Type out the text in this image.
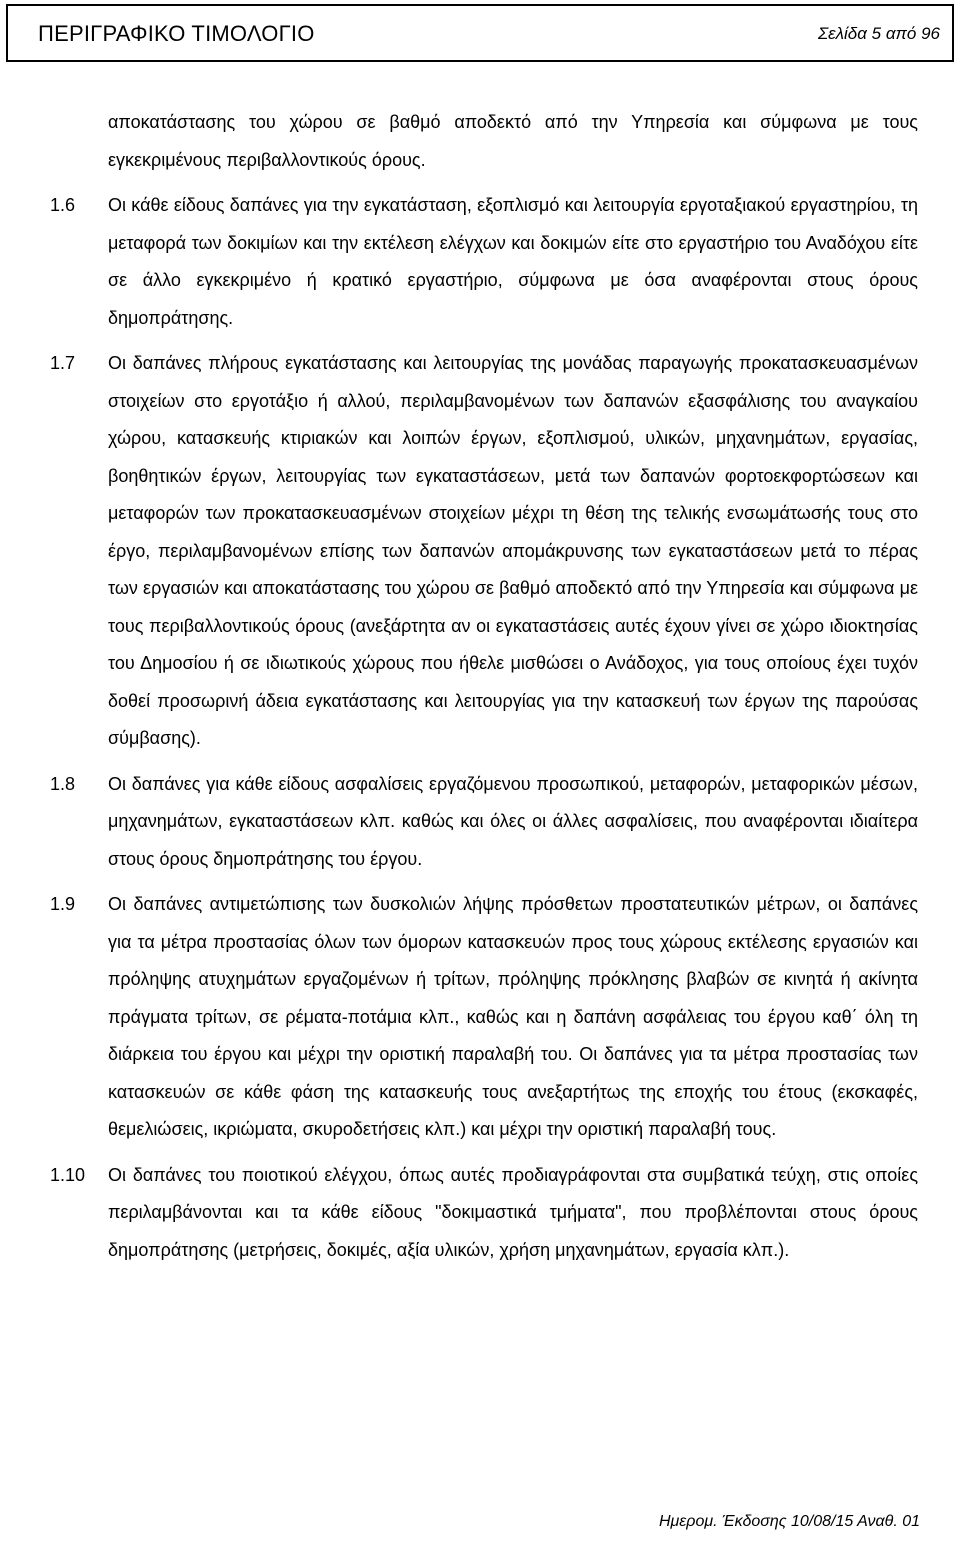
ΠΕΡΙΓΡΑΦΙΚΟ ΤΙΜΟΛΟΓΙΟ	Σελίδα 5 από 96
αποκατάστασης του χώρου σε βαθμό αποδεκτό από την Υπηρεσία και σύμφωνα με τους εγκεκριμένους περιβαλλοντικούς όρους.
1.6 Οι κάθε είδους δαπάνες για την εγκατάσταση, εξοπλισμό και λειτουργία εργοταξιακού εργαστηρίου, τη μεταφορά των δοκιμίων και την εκτέλεση ελέγχων και δοκιμών είτε στο εργαστήριο του Αναδόχου είτε σε άλλο εγκεκριμένο ή κρατικό εργαστήριο, σύμφωνα με όσα αναφέρονται στους όρους δημοπράτησης.
1.7 Οι δαπάνες πλήρους εγκατάστασης και λειτουργίας της μονάδας παραγωγής προκατασκευασμένων στοιχείων στο εργοτάξιο ή αλλού, περιλαμβανομένων των δαπανών εξασφάλισης του αναγκαίου χώρου, κατασκευής κτιριακών και λοιπών έργων, εξοπλισμού, υλικών, μηχανημάτων, εργασίας, βοηθητικών έργων, λειτουργίας των εγκαταστάσεων, μετά των δαπανών φορτοεκφορτώσεων και μεταφορών των προκατασκευασμένων στοιχείων μέχρι τη θέση της τελικής ενσωμάτωσής τους στο έργο, περιλαμβανομένων επίσης των δαπανών απομάκρυνσης των εγκαταστάσεων μετά το πέρας των εργασιών και αποκατάστασης του χώρου σε βαθμό αποδεκτό από την Υπηρεσία και σύμφωνα με τους περιβαλλοντικούς όρους (ανεξάρτητα αν οι εγκαταστάσεις αυτές έχουν γίνει σε χώρο ιδιοκτησίας του Δημοσίου ή σε ιδιωτικούς χώρους που ήθελε μισθώσει ο Ανάδοχος, για τους οποίους έχει τυχόν δοθεί προσωρινή άδεια εγκατάστασης και λειτουργίας για την κατασκευή των έργων της παρούσας σύμβασης).
1.8 Οι δαπάνες για κάθε είδους ασφαλίσεις εργαζόμενου προσωπικού, μεταφορών, μεταφορικών μέσων, μηχανημάτων, εγκαταστάσεων κλπ. καθώς και όλες οι άλλες ασφαλίσεις, που αναφέρονται ιδιαίτερα στους όρους δημοπράτησης του έργου.
1.9 Οι δαπάνες αντιμετώπισης των δυσκολιών λήψης πρόσθετων προστατευτικών μέτρων, οι δαπάνες για τα μέτρα προστασίας όλων των όμορων κατασκευών προς τους χώρους εκτέλεσης εργασιών και πρόληψης ατυχημάτων εργαζομένων ή τρίτων, πρόληψης πρόκλησης βλαβών σε κινητά ή ακίνητα πράγματα τρίτων, σε ρέματα-ποτάμια κλπ., καθώς και η δαπάνη ασφάλειας του έργου καθ΄ όλη τη διάρκεια του έργου και μέχρι την οριστική παραλαβή του. Οι δαπάνες για τα μέτρα προστασίας των κατασκευών σε κάθε φάση της κατασκευής τους ανεξαρτήτως της εποχής του έτους (εκσκαφές, θεμελιώσεις, ικριώματα, σκυροδετήσεις κλπ.) και μέχρι την οριστική παραλαβή τους.
1.10 Οι δαπάνες του ποιοτικού ελέγχου, όπως αυτές προδιαγράφονται στα συμβατικά τεύχη, στις οποίες περιλαμβάνονται και τα κάθε είδους "δοκιμαστικά τμήματα", που προβλέπονται στους όρους δημοπράτησης (μετρήσεις, δοκιμές, αξία υλικών, χρήση μηχανημάτων, εργασία κλπ.).
Ημερομ. Έκδοσης 10/08/15 Αναθ. 01
